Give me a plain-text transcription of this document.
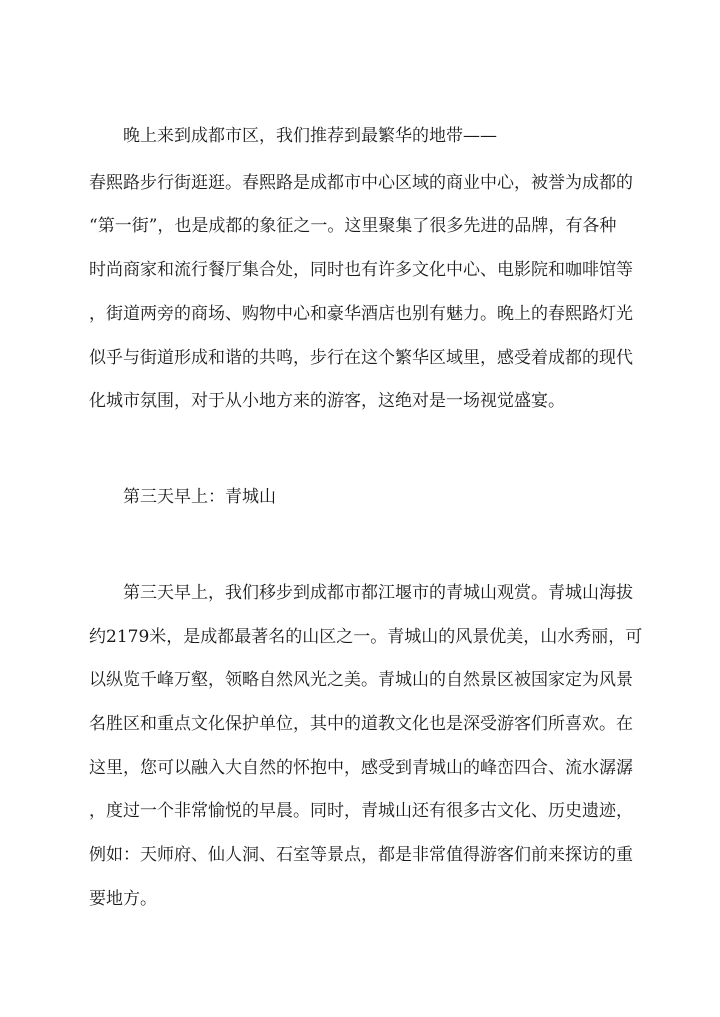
晚上来到成都市区，我们推荐到最繁华的地带——
春熙路步行街逛逛。春熙路是成都市中心区域的商业中心，被誉为成都的
“第一街”，也是成都的象征之一。这里聚集了很多先进的品牌，有各种
时尚商家和流行餐厅集合处，同时也有许多文化中心、电影院和咖啡馆等
，街道两旁的商场、购物中心和豪华酒店也别有魅力。晚上的春熙路灯光
似乎与街道形成和谐的共鸣，步行在这个繁华区域里，感受着成都的现代
化城市氛围，对于从小地方来的游客，这绝对是一场视觉盛宴。
第三天早上：青城山
第三天早上，我们移步到成都市都江堰市的青城山观赏。青城山海拔
约2179米，是成都最著名的山区之一。青城山的风景优美，山水秀丽，可
以纵览千峰万壑，领略自然风光之美。青城山的自然景区被国家定为风景
名胜区和重点文化保护单位，其中的道教文化也是深受游客们所喜欢。在
这里，您可以融入大自然的怀抱中，感受到青城山的峰峦四合、流水潺潺
，度过一个非常愉悦的早晨。同时，青城山还有很多古文化、历史遗迹，
例如：天师府、仙人洞、石室等景点，都是非常值得游客们前来探访的重
要地方。
